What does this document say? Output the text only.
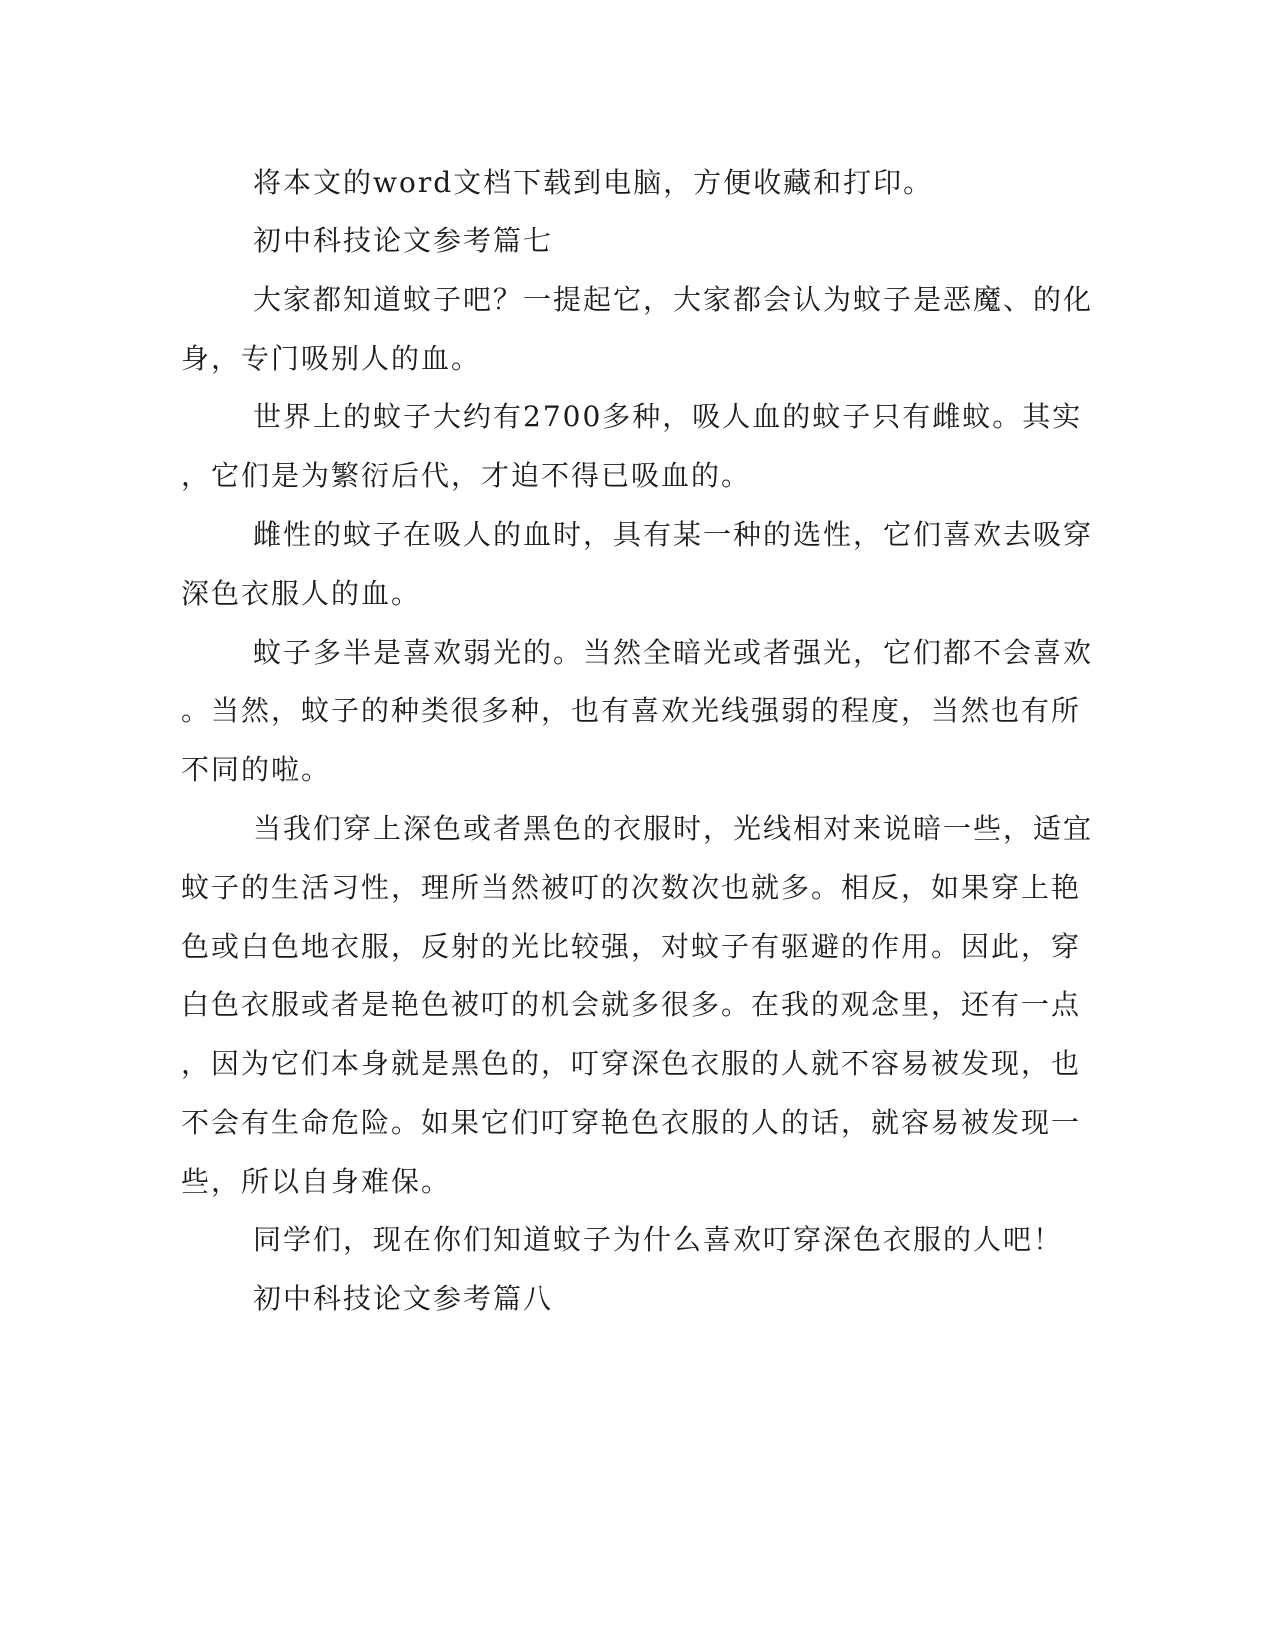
将本文的word文档下载到电脑，方便收藏和打印。
初中科技论文参考篇七
大家都知道蚊子吧？一提起它，大家都会认为蚊子是恶魔、的化
身，专门吸别人的血。
世界上的蚊子大约有2700多种，吸人血的蚊子只有雌蚊。其实
，它们是为繁衍后代，才迫不得已吸血的。
雌性的蚊子在吸人的血时，具有某一种的选性，它们喜欢去吸穿
深色衣服人的血。
蚊子多半是喜欢弱光的。当然全暗光或者强光，它们都不会喜欢
。当然，蚊子的种类很多种，也有喜欢光线强弱的程度，当然也有所
不同的啦。
当我们穿上深色或者黑色的衣服时，光线相对来说暗一些，适宜
蚊子的生活习性，理所当然被叮的次数次也就多。相反，如果穿上艳
色或白色地衣服，反射的光比较强，对蚊子有驱避的作用。因此，穿
白色衣服或者是艳色被叮的机会就多很多。在我的观念里，还有一点
，因为它们本身就是黑色的，叮穿深色衣服的人就不容易被发现，也
不会有生命危险。如果它们叮穿艳色衣服的人的话，就容易被发现一
些，所以自身难保。
同学们，现在你们知道蚊子为什么喜欢叮穿深色衣服的人吧！
初中科技论文参考篇八
